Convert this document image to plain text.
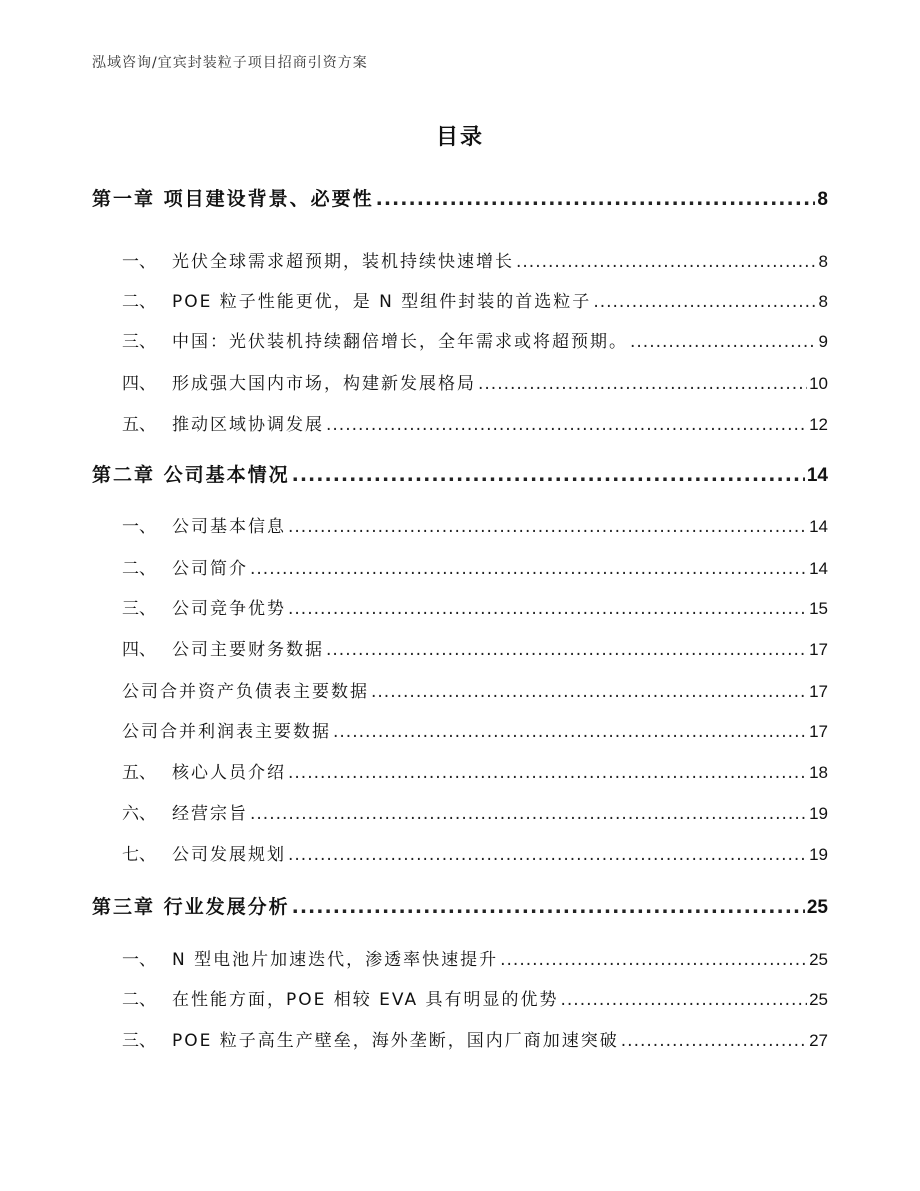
泓域咨询/宜宾封装粒子项目招商引资方案
目录
第一章 项目建设背景、必要性 .....	8
一、 光伏全球需求超预期，装机持续快速增长 .....	8
二、 POE 粒子性能更优，是 N 型组件封装的首选粒子 .....	8
三、 中国：光伏装机持续翻倍增长，全年需求或将超预期。 .....	9
四、 形成强大国内市场，构建新发展格局 .....	10
五、 推动区域协调发展 .....	12
第二章 公司基本情况 .....	14
一、 公司基本信息 .....	14
二、 公司简介 .....	14
三、 公司竞争优势 .....	15
四、 公司主要财务数据 .....	17
公司合并资产负债表主要数据 .....	17
公司合并利润表主要数据 .....	17
五、 核心人员介绍 .....	18
六、 经营宗旨 .....	19
七、 公司发展规划 .....	19
第三章 行业发展分析 .....	25
一、 N 型电池片加速迭代，渗透率快速提升 .....	25
二、 在性能方面，POE 相较 EVA 具有明显的优势 .....	25
三、 POE 粒子高生产壁垒，海外垄断，国内厂商加速突破 .....	27
